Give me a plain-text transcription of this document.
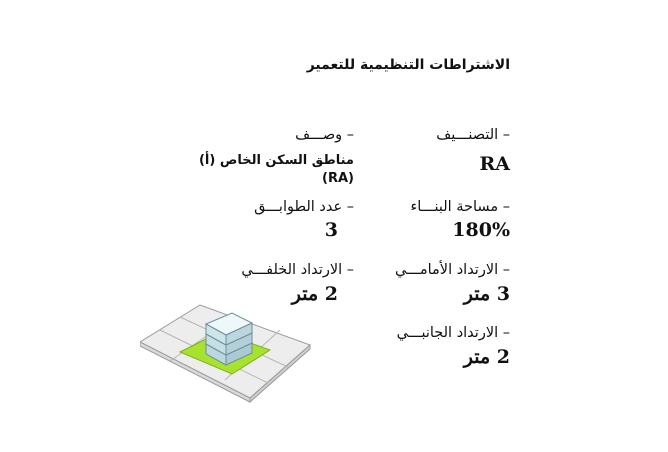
الاشتراطات التنظيمية للتعمير
– التصنـــيف
RA
– مساحة البنـــاء
180%
– الارتداد الأمامـــي
3 متر
– الارتداد الجانبـــي
2 متر
– وصـــف
مناطق السكن الخاص (أ) (RA)
– عدد الطوابـــق
3
– الارتداد الخلفـــي
2 متر
